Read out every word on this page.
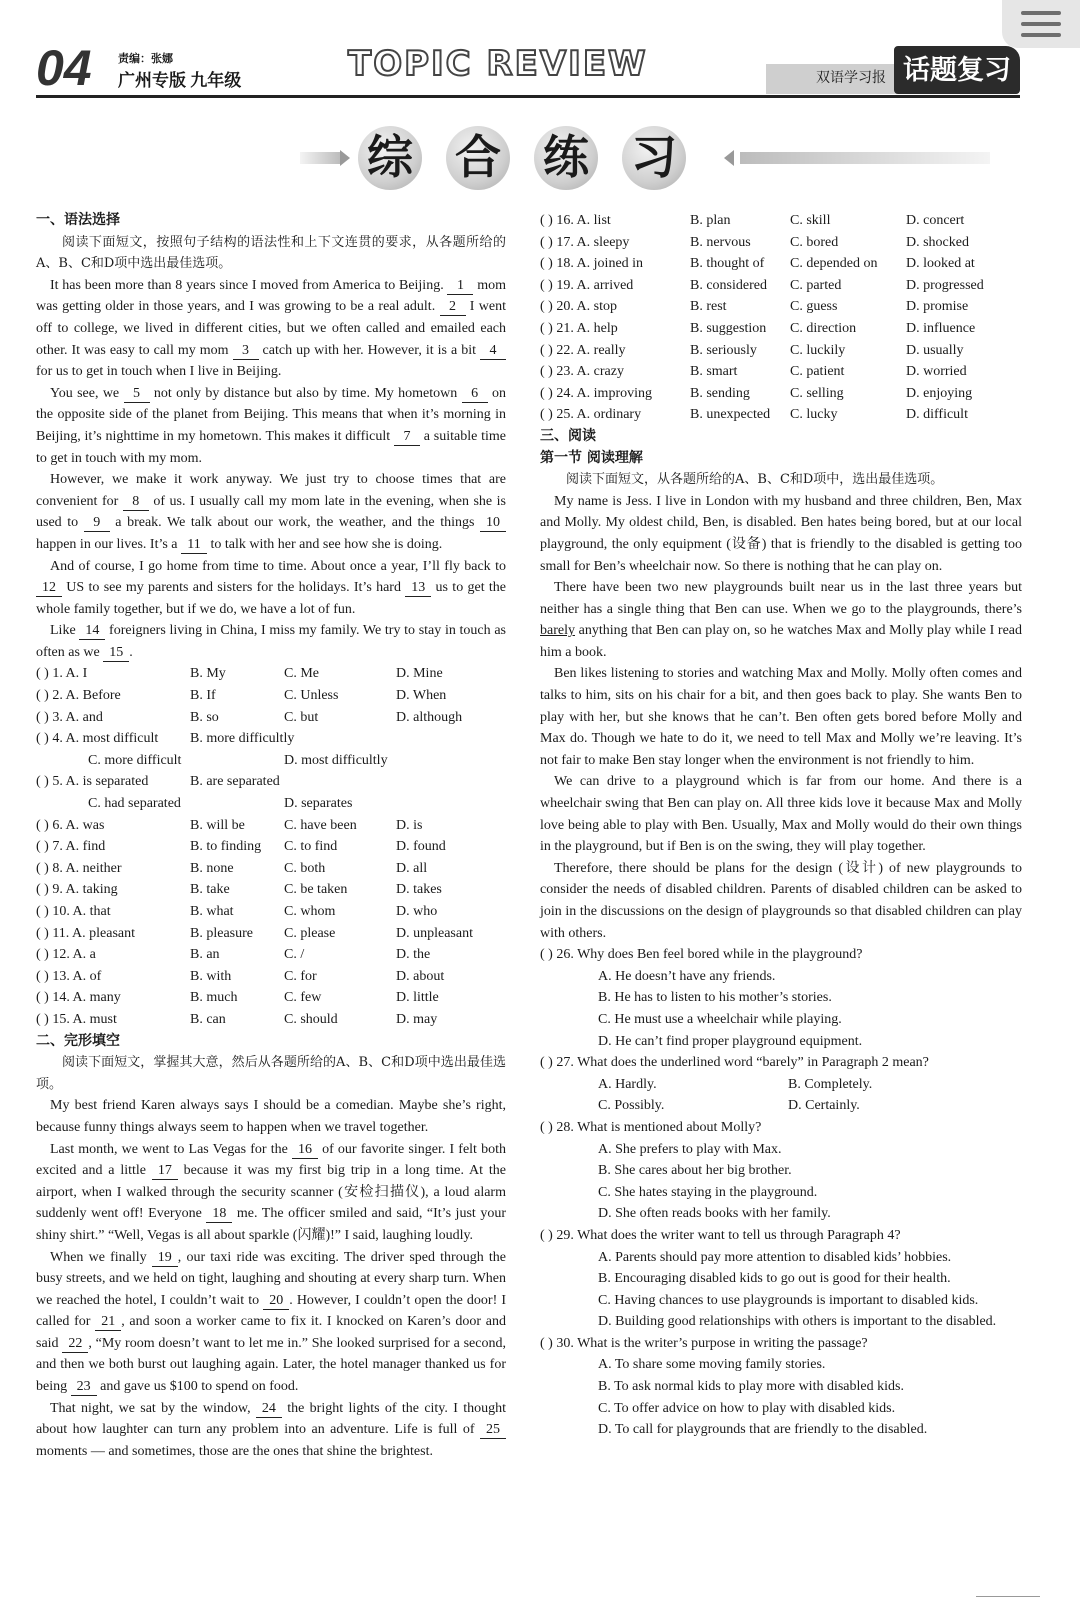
04 责编：张娜
广州专版 九年级	TOPIC REVIEW	双语学习报 话题复习
综 合 练 习
一、语法选择
阅读下面短文，按照句子结构的语法性和上下文连贯的要求，从各题所给的A、B、C和D项中选出最佳选项。
It has been more than 8 years since I moved from America to Beijing. 1 mom was getting older in those years, and I was growing to be a real adult. 2 I went off to college, we lived in different cities, but we often called and emailed each other. It was easy to call my mom 3 catch up with her. However, it is a bit 4 for us to get in touch when I live in Beijing.
You see, we 5 not only by distance but also by time. My hometown 6 on the opposite side of the planet from Beijing. This means that when it’s morning in Beijing, it’s nighttime in my hometown. This makes it difficult 7 a suitable time to get in touch with my mom.
However, we make it work anyway. We just try to choose times that are convenient for 8 of us. I usually call my mom late in the evening, when she is used to 9 a break. We talk about our work, the weather, and the things 10 happen in our lives. It’s a 11 to talk with her and see how she is doing.
And of course, I go home from time to time. About once a year, I’ll fly back to 12 US to see my parents and sisters for the holidays. It’s hard 13 us to get the whole family together, but if we do, we have a lot of fun.
Like 14 foreigners living in China, I miss my family. We try to stay in touch as often as we 15 .
( ) 1. A. I	B. My	C. Me	D. Mine
( ) 2. A. Before	B. If	C. Unless	D. When
( ) 3. A. and	B. so	C. but	D. although
( ) 4. A. most difficult	B. more difficultly
C. more difficult	D. most difficultly
( ) 5. A. is separated	B. are separated
C. had separated	D. separates
( ) 6. A. was	B. will be	C. have been	D. is
( ) 7. A. find	B. to finding	C. to find	D. found
( ) 8. A. neither	B. none	C. both	D. all
( ) 9. A. taking	B. take	C. be taken	D. takes
( ) 10. A. that	B. what	C. whom	D. who
( ) 11. A. pleasant	B. pleasure	C. please	D. unpleasant
( ) 12. A. a	B. an	C. /	D. the
( ) 13. A. of	B. with	C. for	D. about
( ) 14. A. many	B. much	C. few	D. little
( ) 15. A. must	B. can	C. should	D. may
二、完形填空
阅读下面短文，掌握其大意，然后从各题所给的A、B、C和D项中选出最佳选项。
My best friend Karen always says I should be a comedian. Maybe she’s right, because funny things always seem to happen when we travel together.
Last month, we went to Las Vegas for the 16 of our favorite singer. I felt both excited and a little 17 because it was my first big trip in a long time. At the airport, when I walked through the security scanner (安检扫描仪), a loud alarm suddenly went off! Everyone 18 me. The officer smiled and said, “It’s just your shiny shirt.” “Well, Vegas is all about sparkle (闪耀)!” I said, laughing loudly.
When we finally 19 , our taxi ride was exciting. The driver sped through the busy streets, and we held on tight, laughing and shouting at every sharp turn. When we reached the hotel, I couldn’t wait to 20 . However, I couldn’t open the door! I called for 21 , and soon a worker came to fix it. I knocked on Karen’s door and said 22 , “My room doesn’t want to let me in.” She looked surprised for a second, and then we both burst out laughing again. Later, the hotel manager thanked us for being 23 and gave us $100 to spend on food.
That night, we sat by the window, 24 the bright lights of the city. I thought about how laughter can turn any problem into an adventure. Life is full of 25 moments — and sometimes, those are the ones that shine the brightest.
( ) 16. A. list	B. plan	C. skill	D. concert
( ) 17. A. sleepy	B. nervous	C. bored	D. shocked
( ) 18. A. joined in	B. thought of	C. depended on	D. looked at
( ) 19. A. arrived	B. considered	C. parted	D. progressed
( ) 20. A. stop	B. rest	C. guess	D. promise
( ) 21. A. help	B. suggestion	C. direction	D. influence
( ) 22. A. really	B. seriously	C. luckily	D. usually
( ) 23. A. crazy	B. smart	C. patient	D. worried
( ) 24. A. improving	B. sending	C. selling	D. enjoying
( ) 25. A. ordinary	B. unexpected	C. lucky	D. difficult
三、阅读
第一节 阅读理解
阅读下面短文，从各题所给的A、B、C和D项中，选出最佳选项。
My name is Jess. I live in London with my husband and three children, Ben, Max and Molly. My oldest child, Ben, is disabled. Ben hates being bored, but at our local playground, the only equipment (设备) that is friendly to the disabled is getting too small for Ben’s wheelchair now. So there is nothing that he can play on.
There have been two new playgrounds built near us in the last three years but neither has a single thing that Ben can use. When we go to the playgrounds, there’s barely anything that Ben can play on, so he watches Max and Molly play while I read him a book.
Ben likes listening to stories and watching Max and Molly. Molly often comes and talks to him, sits on his chair for a bit, and then goes back to play. She wants Ben to play with her, but she knows that he can’t. Ben often gets bored before Molly and Max do. Though we hate to do it, we need to tell Max and Molly we’re leaving. It’s not fair to make Ben stay longer when the environment is not friendly to him.
We can drive to a playground which is far from our home. And there is a wheelchair swing that Ben can play on. All three kids love it because Max and Molly love being able to play with Ben. Usually, Max and Molly would do their own things in the playground, but if Ben is on the swing, they will play together.
Therefore, there should be plans for the design (设计) of new playgrounds to consider the needs of disabled children. Parents of disabled children can be asked to join in the discussions on the design of playgrounds so that disabled children can play with others.
( ) 26. Why does Ben feel bored while in the playground?
A. He doesn’t have any friends.
B. He has to listen to his mother’s stories.
C. He must use a wheelchair while playing.
D. He can’t find proper playground equipment.
( ) 27. What does the underlined word “barely” in Paragraph 2 mean?
A. Hardly.	B. Completely.
C. Possibly.	D. Certainly.
( ) 28. What is mentioned about Molly?
A. She prefers to play with Max.
B. She cares about her big brother.
C. She hates staying in the playground.
D. She often reads books with her family.
( ) 29. What does the writer want to tell us through Paragraph 4?
A. Parents should pay more attention to disabled kids’ hobbies.
B. Encouraging disabled kids to go out is good for their health.
C. Having chances to use playgrounds is important to disabled kids.
D. Building good relationships with others is important to the disabled.
( ) 30. What is the writer’s purpose in writing the passage?
A. To share some moving family stories.
B. To ask normal kids to play more with disabled kids.
C. To offer advice on how to play with disabled kids.
D. To call for playgrounds that are friendly to the disabled.
